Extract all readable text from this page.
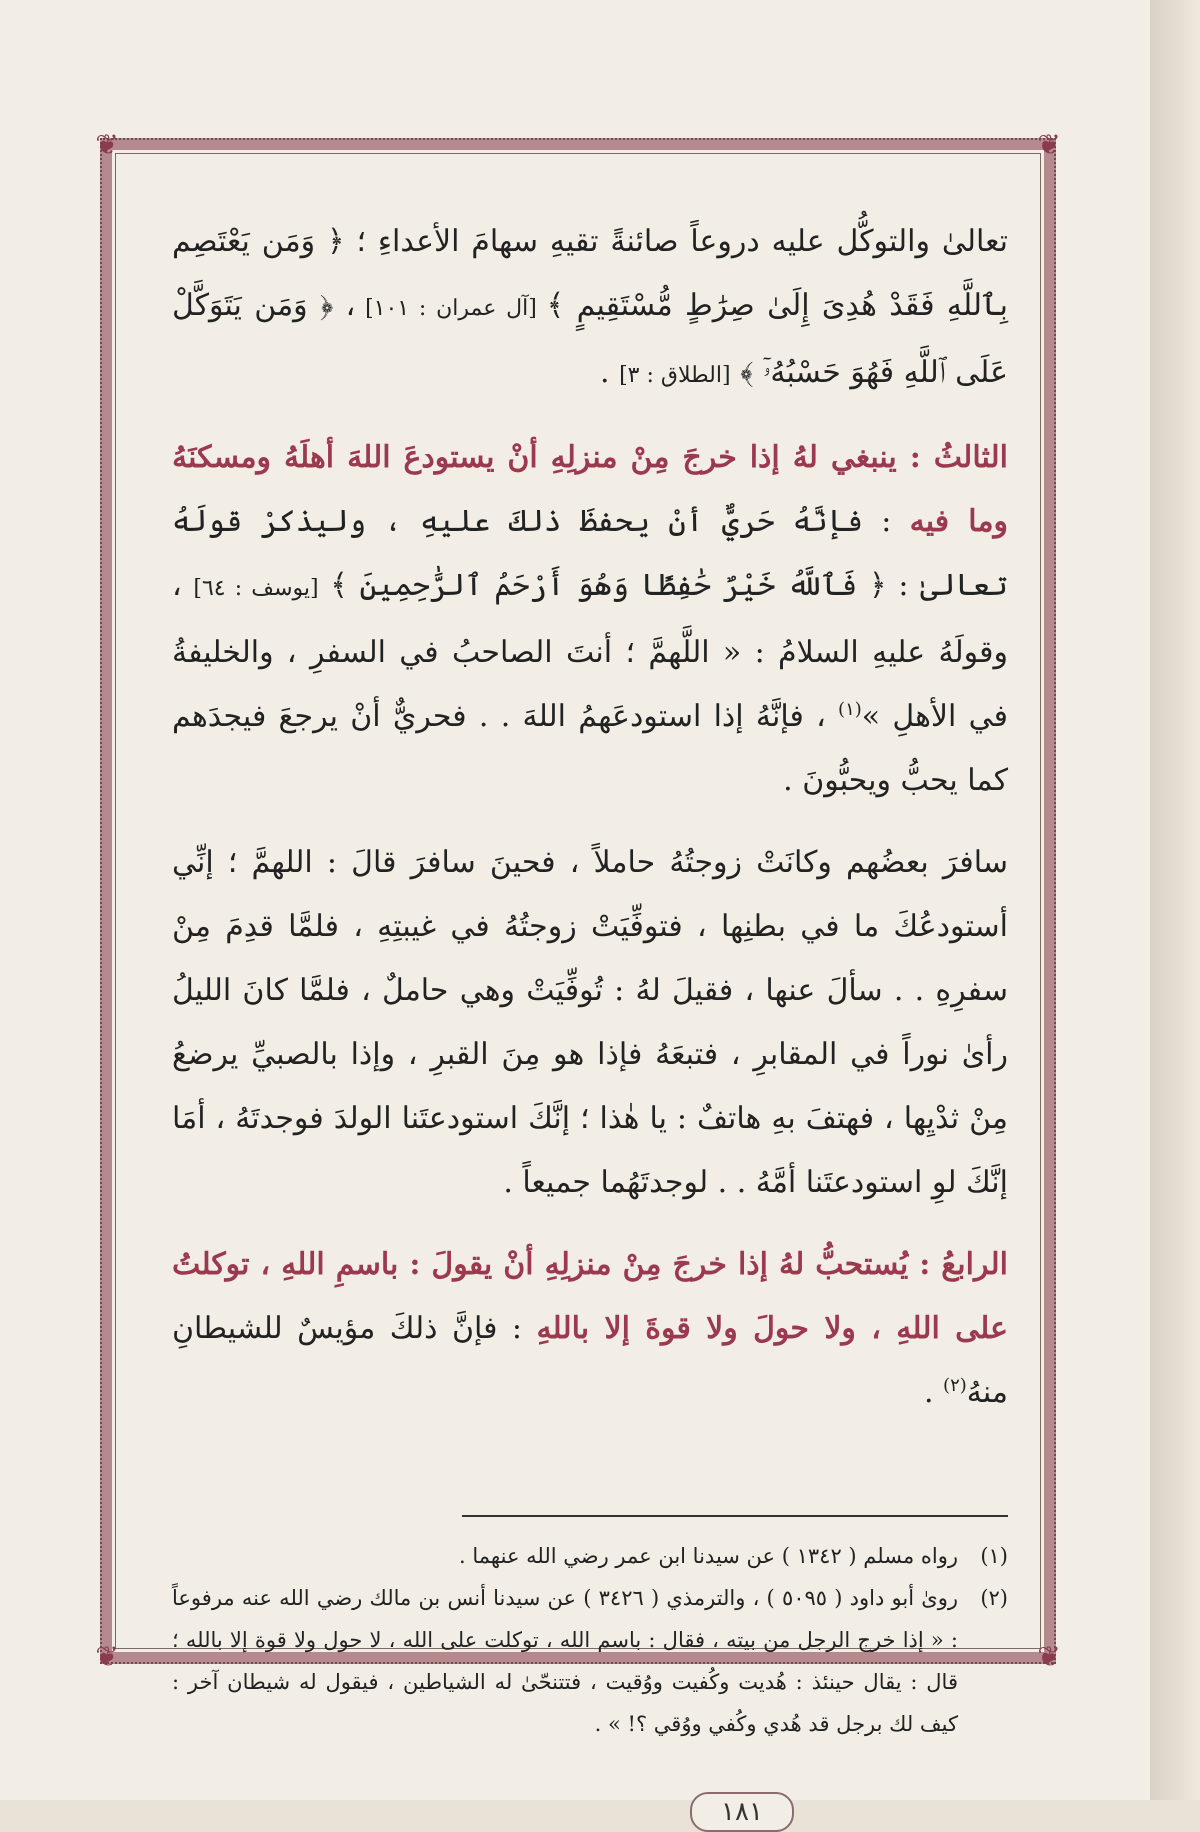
❦	❦
❦	❦

تعالىٰ والتوكُّل عليه دروعاً صائنةً تقيهِ سهامَ الأعداءِ ؛ ﴿ وَمَن يَعْتَصِم بِٱللَّهِ فَقَدْ هُدِىَ إِلَىٰ صِرَٰطٍ مُّسْتَقِيمٍ ﴾ [آل عمران : ١٠١] ، ﴿ وَمَن يَتَوَكَّلْ عَلَى ٱللَّهِ فَهُوَ حَسْبُهُۥٓ ﴾ [الطلاق : ٣] .

الثالثُ : ينبغي لهُ إذا خرجَ مِنْ منزلِهِ أنْ يستودعَ اللهَ أهلَهُ ومسكنَهُ وما فيه : فإنَّهُ حَريٌّ أنْ يحفظَ ذلكَ عليهِ ، وليذكرْ قولَهُ تعالىٰ : ﴿ فَٱللَّهُ خَيْرٌ حَٰفِظًا وَهُوَ أَرْحَمُ ٱلرَّٰحِمِينَ ﴾ [يوسف : ٦٤] ، وقولَهُ عليهِ السلامُ : « اللَّهمَّ ؛ أنتَ الصاحبُ في السفرِ ، والخليفةُ في الأهلِ »$^{(١)}$ ، فإنَّهُ إذا استودعَهمُ اللهَ . . فحريٌّ أنْ يرجعَ فيجدَهم كما يحبُّ ويحبُّونَ .

سافرَ بعضُهم وكانَتْ زوجتُهُ حاملاً ، فحينَ سافرَ قالَ : اللهمَّ ؛ إنِّي أستودعُكَ ما في بطنِها ، فتوفِّيَتْ زوجتُهُ في غيبتِهِ ، فلمَّا قدِمَ مِنْ سفرِهِ . . سألَ عنها ، فقيلَ لهُ : تُوفِّيَتْ وهي حاملٌ ، فلمَّا كانَ الليلُ رأىٰ نوراً في المقابرِ ، فتبعَهُ فإذا هو مِنَ القبرِ ، وإذا بالصبيِّ يرضعُ مِنْ ثدْيِها ، فهتفَ بهِ هاتفٌ : يا هٰذا ؛ إنَّكَ استودعتَنا الولدَ فوجدتَهُ ، أمَا إنَّكَ لوِ استودعتَنا أمَّهُ . . لوجدتَهُما جميعاً .

الرابعُ : يُستحبُّ لهُ إذا خرجَ مِنْ منزلِهِ أنْ يقولَ : باسمِ اللهِ ، توكلتُ على اللهِ ، ولا حولَ ولا قوةَ إلا باللهِ : فإنَّ ذلكَ مؤيسٌ للشيطانِ منهُ$^{(٢)}$ .

(١)
رواه مسلم ( ١٣٤٢ ) عن سيدنا ابن عمر رضي الله عنهما .
(٢)
روىٰ أبو داود ( ٥٠٩٥ ) ، والترمذي ( ٣٤٢٦ ) عن سيدنا أنس بن مالك رضي الله عنه مرفوعاً : « إذا خرج الرجل من بيته ، فقال : باسم الله ، توكلت على الله ، لا حول ولا قوة إلا بالله ؛ قال : يقال حينئذ : هُديت وكُفيت ووُقيت ، فتتنحّىٰ له الشياطين ، فيقول له شيطان آخر : كيف لك برجل قد هُدي وكُفي ووُقي ؟! » .
١٨١
